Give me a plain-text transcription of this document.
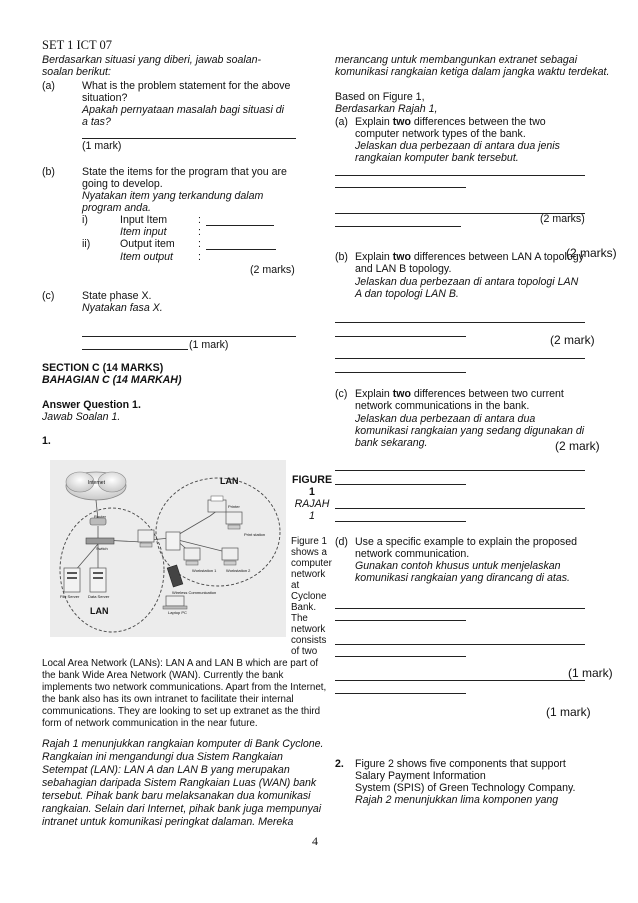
SET 1 ICT 07
Berdasarkan situasi yang diberi, jawab soalan-
soalan berikut:
(a)	What is the problem statement for the above
situation?
Apakah pernyataan masalah bagi situasi di
a tas?
(1 mark)
(b)	State the items for the program that you are
going to develop.
Nyatakan item yang terkandung dalam
program anda.
i)	Input Item	:
Item input	:
ii)	Output item :
Item output :
(2 marks)
(c)	State phase X.
Nyatakan fasa X.
(1 mark)
SECTION C (14 MARKS)
BAHAGIAN C (14 MARKAH)
Answer Question 1.
Jawab Soalan 1.
1.
Internet	LAN
LAN
Router
Switch
File Server Data Server
Printer
Print station
Workstation 1 Workstation 2
Wireless Communication
Laptop PC
FIGURE
1
RAJAH
1
Figure 1
shows a
computer
network
at
Cyclone
Bank.
The
network
consists
of two
Local Area Network (LANs): LAN A and LAN B which are part of
the bank Wide Area Network (WAN). Currently the bank
implements two network communications. Apart from the Internet,
the bank also has its own intranet to facilitate their internal
communications. They are looking to set up extranet as the third
form of network communication in the near future.
Rajah 1 menunjukkan rangkaian komputer di Bank Cyclone.
Rangkaian ini mengandungi dua Sistem Rangkaian
Setempat (LAN): LAN A dan LAN B yang merupakan
sebahagian daripada Sistem Rangkaian Luas (WAN) bank
tersebut. Pihak bank baru melaksanakan dua komunikasi
rangkaian. Selain dari Internet, pihak bank juga mempunyai
intranet untuk komunikasi peringkat dalaman. Mereka
merancang untuk membangunkan extranet sebagai
komunikasi rangkaian ketiga dalam jangka waktu terdekat.
Based on Figure 1,
Berdasarkan Rajah 1,
(a) Explain two differences between the two
computer network types of the bank.
Jelaskan dua perbezaan di antara dua jenis
rangkaian komputer bank tersebut.
(2 marks)
(b) Explain two differences between LAN A topology
(2 marks)
and LAN B topology.
Jelaskan dua perbezaan di antara topologi LAN
A dan topologi LAN B.
(2 mark)
(c) Explain two differences between two current
network communications in the bank.
Jelaskan dua perbezaan di antara dua
komunikasi rangkaian yang sedang digunakan di
bank sekarang.	(2 mark)
(d) Use a specific example to explain the proposed
network communication.
Gunakan contoh khusus untuk menjelaskan
komunikasi rangkaian yang dirancang di atas.
(1 mark)
(1 mark)
2. Figure 2 shows five components that support
Salary Payment Information
System (SPIS) of Green Technology Company.
Rajah 2 menunjukkan lima komponen yang
4
